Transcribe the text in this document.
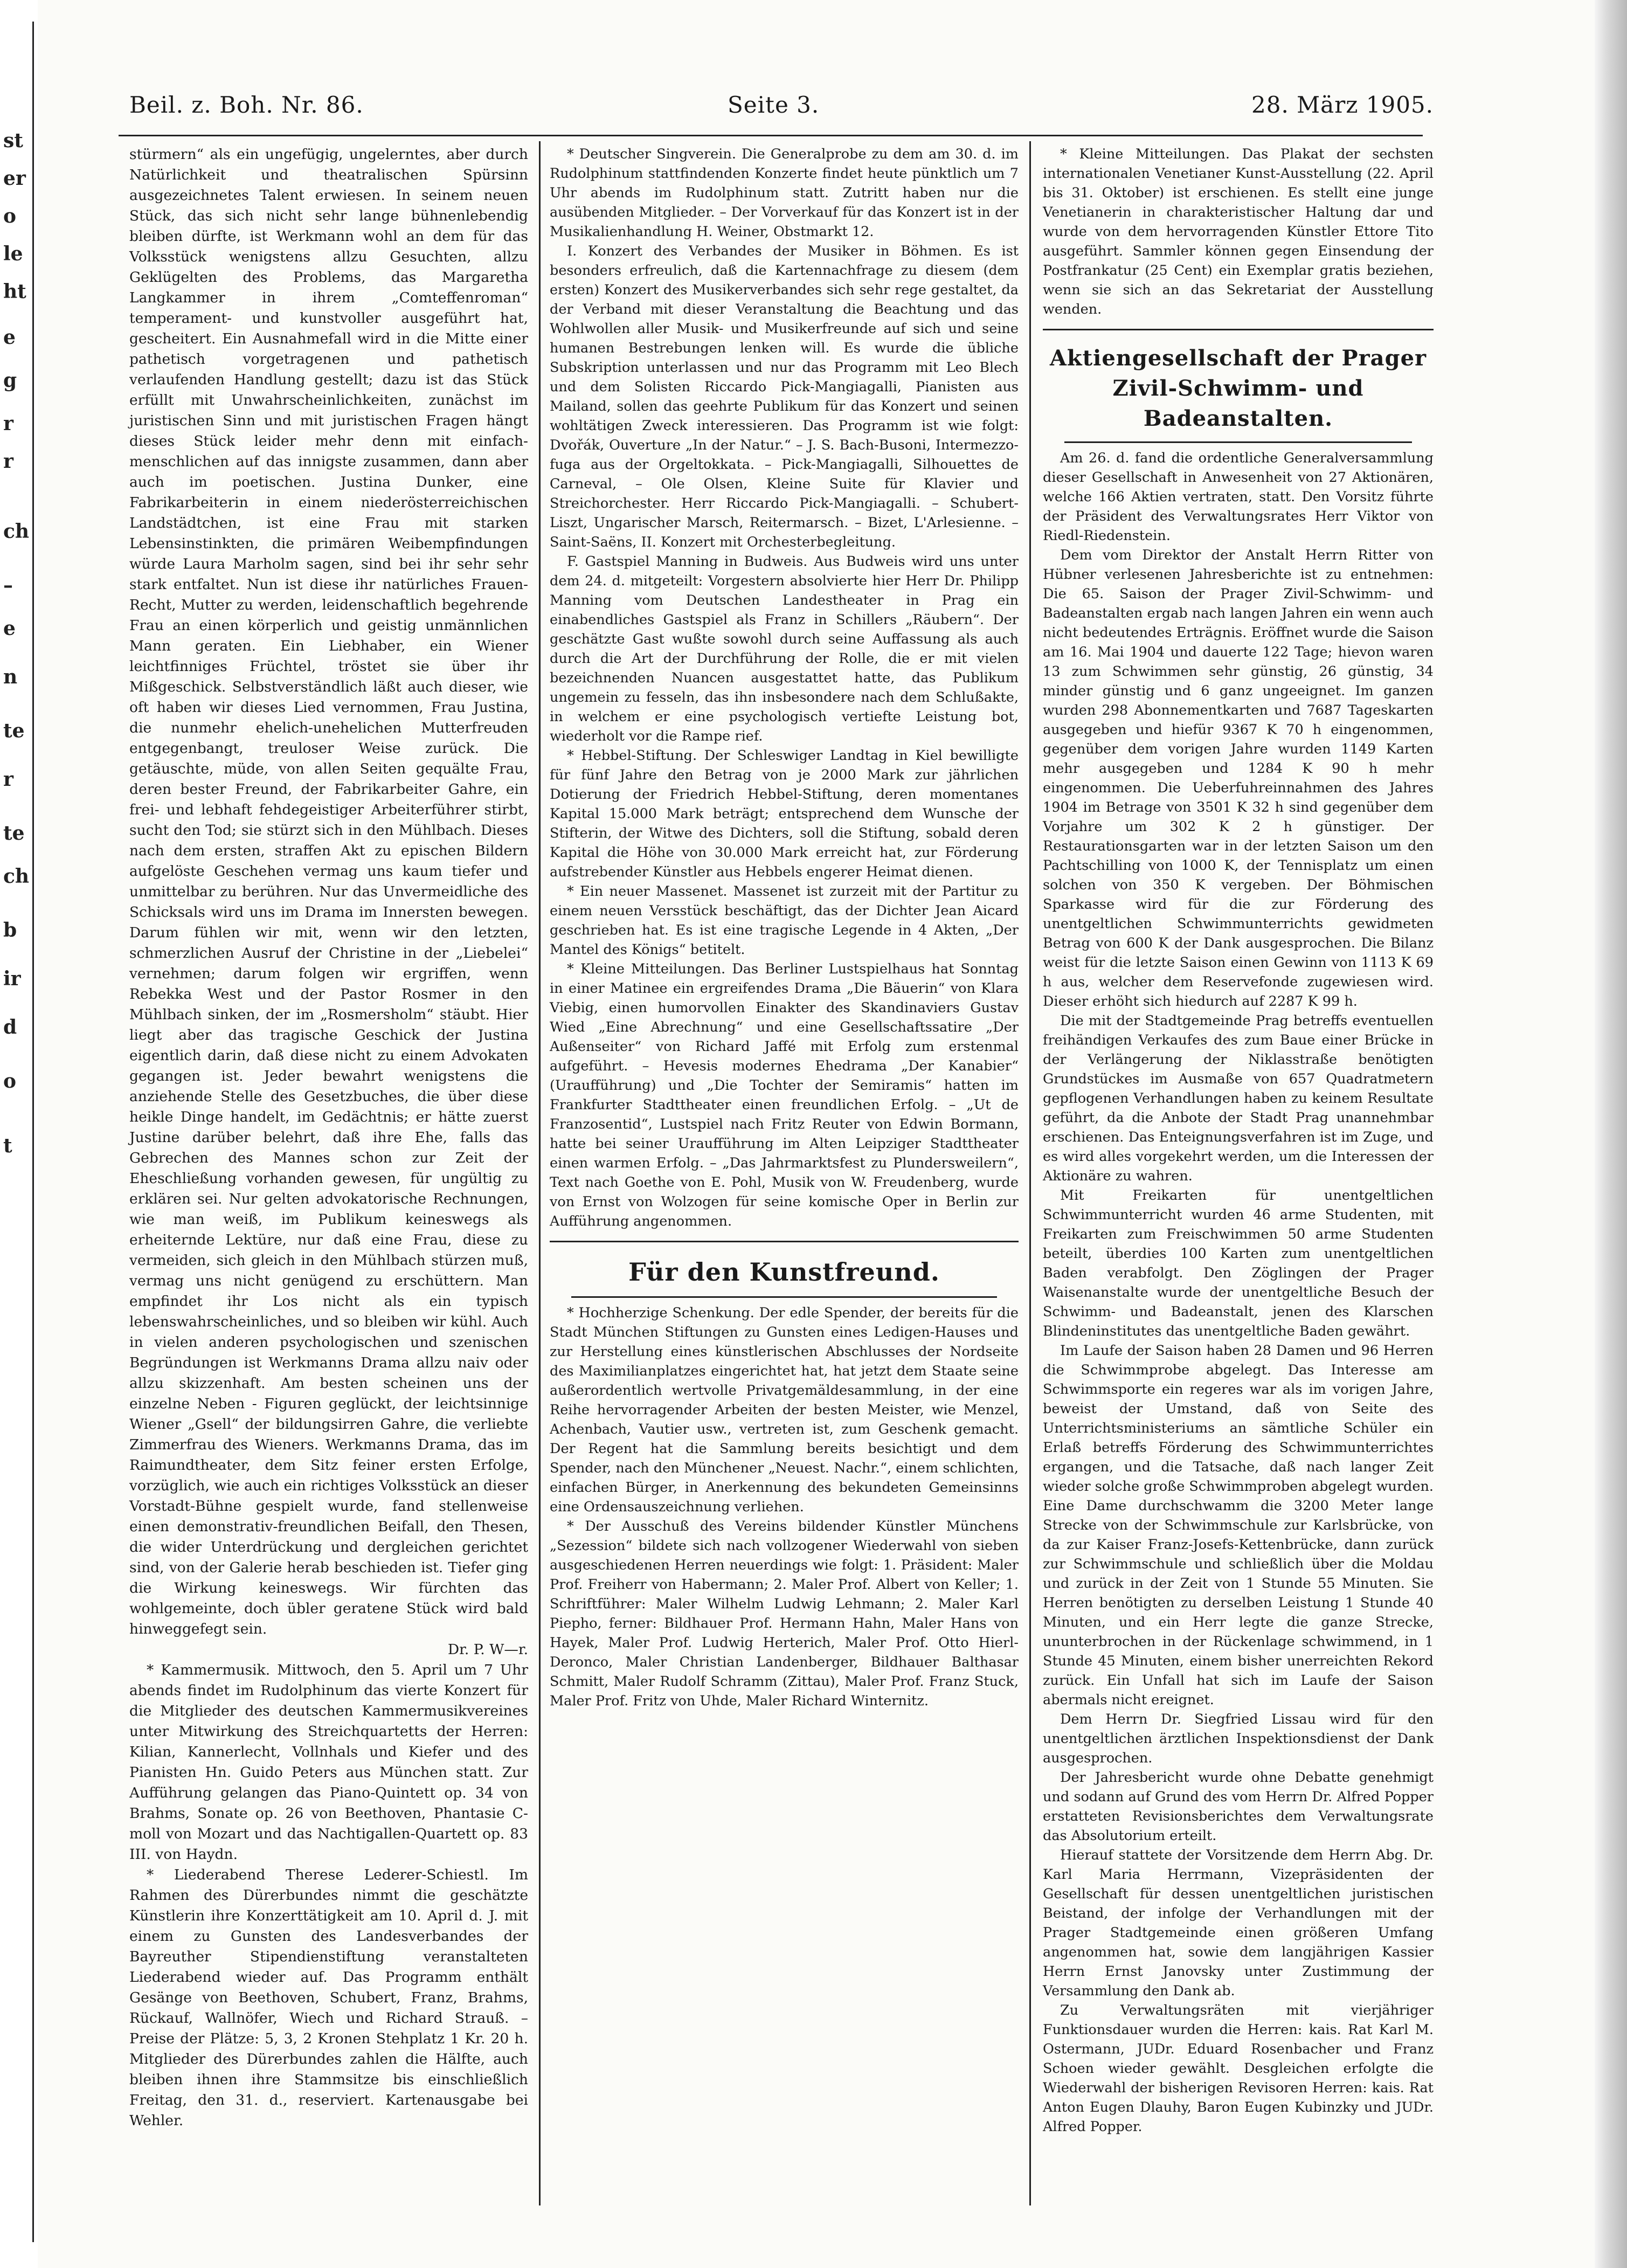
st
er
o
le
ht
e
g
r
r
ch
–
e
n
te
r
te
ch
b
ir
d
o
t
Beil. z. Boh. Nr. 86.	Seite 3.	28. März 1905.

stürmern“ als ein ungefügig, ungelerntes, aber durch Natürlichkeit und theatralischen Spürsinn ausgezeichnetes Talent erwiesen. In seinem neuen Stück, das sich nicht sehr lange bühnenlebendig bleiben dürfte, ist Werkmann wohl an dem für das Volksstück wenigstens allzu Gesuchten, allzu Geklügelten des Problems, das Margaretha Langkammer in ihrem „Comteffenroman“ temperament- und kunstvoller ausgeführt hat, gescheitert. Ein Ausnahmefall wird in die Mitte einer pathetisch vorgetragenen und pathetisch verlaufenden Handlung gestellt; dazu ist das Stück erfüllt mit Unwahrscheinlichkeiten, zunächst im juristischen Sinn und mit juristischen Fragen hängt dieses Stück leider mehr denn mit einfach-menschlichen auf das innigste zusammen, dann aber auch im poetischen. Justina Dunker, eine Fabrikarbeiterin in einem niederösterreichischen Landstädtchen, ist eine Frau mit starken Lebensinstinkten, die primären Weibempfindungen würde Laura Marholm sagen, sind bei ihr sehr sehr stark entfaltet. Nun ist diese ihr natürliches Frauen-Recht, Mutter zu werden, leidenschaftlich begehrende Frau an einen körperlich und geistig unmännlichen Mann geraten. Ein Liebhaber, ein Wiener leichtfinniges Früchtel, tröstet sie über ihr Mißgeschick. Selbstverständlich läßt auch dieser, wie oft haben wir dieses Lied vernommen, Frau Justina, die nunmehr ehelich-unehelichen Mutterfreuden entgegenbangt, treuloser Weise zurück. Die getäuschte, müde, von allen Seiten gequälte Frau, deren bester Freund, der Fabrikarbeiter Gahre, ein frei- und lebhaft fehdegeistiger Arbeiterführer stirbt, sucht den Tod; sie stürzt sich in den Mühlbach. Dieses nach dem ersten, straffen Akt zu epischen Bildern aufgelöste Geschehen vermag uns kaum tiefer und unmittelbar zu berühren. Nur das Unvermeidliche des Schicksals wird uns im Drama im Innersten bewegen. Darum fühlen wir mit, wenn wir den letzten, schmerzlichen Ausruf der Christine in der „Liebelei“ vernehmen; darum folgen wir ergriffen, wenn Rebekka West und der Pastor Rosmer in den Mühlbach sinken, der im „Rosmersholm“ stäubt. Hier liegt aber das tragische Geschick der Justina eigentlich darin, daß diese nicht zu einem Advokaten gegangen ist. Jeder bewahrt wenigstens die anziehende Stelle des Gesetzbuches, die über diese heikle Dinge handelt, im Gedächtnis; er hätte zuerst Justine darüber belehrt, daß ihre Ehe, falls das Gebrechen des Mannes schon zur Zeit der Eheschließung vorhanden gewesen, für ungültig zu erklären sei. Nur gelten advokatorische Rechnungen, wie man weiß, im Publikum keineswegs als erheiternde Lektüre, nur daß eine Frau, diese zu vermeiden, sich gleich in den Mühlbach stürzen muß, vermag uns nicht genügend zu erschüttern. Man empfindet ihr Los nicht als ein typisch lebenswahrscheinliches, und so bleiben wir kühl. Auch in vielen anderen psychologischen und szenischen Begründungen ist Werkmanns Drama allzu naiv oder allzu skizzenhaft. Am besten scheinen uns der einzelne Neben - Figuren geglückt, der leichtsinnige Wiener „Gsell“ der bildungsirren Gahre, die verliebte Zimmerfrau des Wieners. Werkmanns Drama, das im Raimundtheater, dem Sitz feiner ersten Erfolge, vorzüglich, wie auch ein richtiges Volksstück an dieser Vorstadt-Bühne gespielt wurde, fand stellenweise einen demonstrativ-freundlichen Beifall, den Thesen, die wider Unterdrückung und dergleichen gerichtet sind, von der Galerie herab beschieden ist. Tiefer ging die Wirkung keineswegs. Wir fürchten das wohlgemeinte, doch übler geratene Stück wird bald hinweggefegt sein.

Dr. P. W—r.

* Kammermusik. Mittwoch, den 5. April um 7 Uhr abends findet im Rudolphinum das vierte Konzert für die Mitglieder des deutschen Kammermusikvereines unter Mitwirkung des Streichquartetts der Herren: Kilian, Kannerlecht, Vollnhals und Kiefer und des Pianisten Hn. Guido Peters aus München statt. Zur Aufführung gelangen das Piano-Quintett op. 34 von Brahms, Sonate op. 26 von Beethoven, Phantasie C-moll von Mozart und das Nachtigallen-Quartett op. 83 III. von Haydn.

* Liederabend Therese Lederer-Schiestl. Im Rahmen des Dürerbundes nimmt die geschätzte Künstlerin ihre Konzerttätigkeit am 10. April d. J. mit einem zu Gunsten des Landesverbandes der Bayreuther Stipendienstiftung veranstalteten Liederabend wieder auf. Das Programm enthält Gesänge von Beethoven, Schubert, Franz, Brahms, Rückauf, Wallnöfer, Wiech und Richard Strauß. – Preise der Plätze: 5, 3, 2 Kronen Stehplatz 1 Kr. 20 h. Mitglieder des Dürerbundes zahlen die Hälfte, auch bleiben ihnen ihre Stammsitze bis einschließlich Freitag, den 31. d., reserviert. Kartenausgabe bei Wehler.

* Deutscher Singverein. Die Generalprobe zu dem am 30. d. im Rudolphinum stattfindenden Konzerte findet heute pünktlich um 7 Uhr abends im Rudolphinum statt. Zutritt haben nur die ausübenden Mitglieder. – Der Vorverkauf für das Konzert ist in der Musikalienhandlung H. Weiner, Obstmarkt 12.

I. Konzert des Verbandes der Musiker in Böhmen. Es ist besonders erfreulich, daß die Kartennachfrage zu diesem (dem ersten) Konzert des Musikerverbandes sich sehr rege gestaltet, da der Verband mit dieser Veranstaltung die Beachtung und das Wohlwollen aller Musik- und Musikerfreunde auf sich und seine humanen Bestrebungen lenken will. Es wurde die übliche Subskription unterlassen und nur das Programm mit Leo Blech und dem Solisten Riccardo Pick-Mangiagalli, Pianisten aus Mailand, sollen das geehrte Publikum für das Konzert und seinen wohltätigen Zweck interessieren. Das Programm ist wie folgt: Dvořák, Ouverture „In der Natur.“ – J. S. Bach-Busoni, Intermezzo-fuga aus der Orgeltokkata. – Pick-Mangiagalli, Silhouettes de Carneval, – Ole Olsen, Kleine Suite für Klavier und Streichorchester. Herr Riccardo Pick-Mangiagalli. – Schubert-Liszt, Ungarischer Marsch, Reitermarsch. – Bizet, L'Arlesienne. – Saint-Saëns, II. Konzert mit Orchesterbegleitung.

F. Gastspiel Manning in Budweis. Aus Budweis wird uns unter dem 24. d. mitgeteilt: Vorgestern absolvierte hier Herr Dr. Philipp Manning vom Deutschen Landestheater in Prag ein einabendliches Gastspiel als Franz in Schillers „Räubern“. Der geschätzte Gast wußte sowohl durch seine Auffassung als auch durch die Art der Durchführung der Rolle, die er mit vielen bezeichnenden Nuancen ausgestattet hatte, das Publikum ungemein zu fesseln, das ihn insbesondere nach dem Schlußakte, in welchem er eine psychologisch vertiefte Leistung bot, wiederholt vor die Rampe rief.

* Hebbel-Stiftung. Der Schleswiger Landtag in Kiel bewilligte für fünf Jahre den Betrag von je 2000 Mark zur jährlichen Dotierung der Friedrich Hebbel-Stiftung, deren momentanes Kapital 15.000 Mark beträgt; entsprechend dem Wunsche der Stifterin, der Witwe des Dichters, soll die Stiftung, sobald deren Kapital die Höhe von 30.000 Mark erreicht hat, zur Förderung aufstrebender Künstler aus Hebbels engerer Heimat dienen.

* Ein neuer Massenet. Massenet ist zurzeit mit der Partitur zu einem neuen Versstück beschäftigt, das der Dichter Jean Aicard geschrieben hat. Es ist eine tragische Legende in 4 Akten, „Der Mantel des Königs“ betitelt.

* Kleine Mitteilungen. Das Berliner Lustspielhaus hat Sonntag in einer Matinee ein ergreifendes Drama „Die Bäuerin“ von Klara Viebig, einen humorvollen Einakter des Skandinaviers Gustav Wied „Eine Abrechnung“ und eine Gesellschaftssatire „Der Außenseiter“ von Richard Jaffé mit Erfolg zum erstenmal aufgeführt. – Hevesis modernes Ehedrama „Der Kanabier“ (Uraufführung) und „Die Tochter der Semiramis“ hatten im Frankfurter Stadttheater einen freundlichen Erfolg. – „Ut de Franzosentid“, Lustspiel nach Fritz Reuter von Edwin Bormann, hatte bei seiner Uraufführung im Alten Leipziger Stadttheater einen warmen Erfolg. – „Das Jahrmarktsfest zu Plundersweilern“, Text nach Goethe von E. Pohl, Musik von W. Freudenberg, wurde von Ernst von Wolzogen für seine komische Oper in Berlin zur Aufführung angenommen.

Für den Kunstfreund.

* Hochherzige Schenkung. Der edle Spender, der bereits für die Stadt München Stiftungen zu Gunsten eines Ledigen-Hauses und zur Herstellung eines künstlerischen Abschlusses der Nordseite des Maximilianplatzes eingerichtet hat, hat jetzt dem Staate seine außerordentlich wertvolle Privatgemäldesammlung, in der eine Reihe hervorragender Arbeiten der besten Meister, wie Menzel, Achenbach, Vautier usw., vertreten ist, zum Geschenk gemacht. Der Regent hat die Sammlung bereits besichtigt und dem Spender, nach den Münchener „Neuest. Nachr.“, einem schlichten, einfachen Bürger, in Anerkennung des bekundeten Gemeinsinns eine Ordensauszeichnung verliehen.

* Der Ausschuß des Vereins bildender Künstler Münchens „Sezession“ bildete sich nach vollzogener Wiederwahl von sieben ausgeschiedenen Herren neuerdings wie folgt: 1. Präsident: Maler Prof. Freiherr von Habermann; 2. Maler Prof. Albert von Keller; 1. Schriftführer: Maler Wilhelm Ludwig Lehmann; 2. Maler Karl Piepho, ferner: Bildhauer Prof. Hermann Hahn, Maler Hans von Hayek, Maler Prof. Ludwig Herterich, Maler Prof. Otto Hierl-Deronco, Maler Christian Landenberger, Bildhauer Balthasar Schmitt, Maler Rudolf Schramm (Zittau), Maler Prof. Franz Stuck, Maler Prof. Fritz von Uhde, Maler Richard Winternitz.

* Kleine Mitteilungen. Das Plakat der sechsten internationalen Venetianer Kunst-Ausstellung (22. April bis 31. Oktober) ist erschienen. Es stellt eine junge Venetianerin in charakteristischer Haltung dar und wurde von dem hervorragenden Künstler Ettore Tito ausgeführt. Sammler können gegen Einsendung der Postfrankatur (25 Cent) ein Exemplar gratis beziehen, wenn sie sich an das Sekretariat der Ausstellung wenden.

Aktiengesellschaft der Prager Zivil-Schwimm- und Badeanstalten.

Am 26. d. fand die ordentliche Generalversammlung dieser Gesellschaft in Anwesenheit von 27 Aktionären, welche 166 Aktien vertraten, statt. Den Vorsitz führte der Präsident des Verwaltungsrates Herr Viktor von Riedl-Riedenstein.

Dem vom Direktor der Anstalt Herrn Ritter von Hübner verlesenen Jahresberichte ist zu entnehmen: Die 65. Saison der Prager Zivil-Schwimm- und Badeanstalten ergab nach langen Jahren ein wenn auch nicht bedeutendes Erträgnis. Eröffnet wurde die Saison am 16. Mai 1904 und dauerte 122 Tage; hievon waren 13 zum Schwimmen sehr günstig, 26 günstig, 34 minder günstig und 6 ganz ungeeignet. Im ganzen wurden 298 Abonnementkarten und 7687 Tageskarten ausgegeben und hiefür 9367 K 70 h eingenommen, gegenüber dem vorigen Jahre wurden 1149 Karten mehr ausgegeben und 1284 K 90 h mehr eingenommen. Die Ueberfuhreinnahmen des Jahres 1904 im Betrage von 3501 K 32 h sind gegenüber dem Vorjahre um 302 K 2 h günstiger. Der Restaurationsgarten war in der letzten Saison um den Pachtschilling von 1000 K, der Tennisplatz um einen solchen von 350 K vergeben. Der Böhmischen Sparkasse wird für die zur Förderung des unentgeltlichen Schwimmunterrichts gewidmeten Betrag von 600 K der Dank ausgesprochen. Die Bilanz weist für die letzte Saison einen Gewinn von 1113 K 69 h aus, welcher dem Reservefonde zugewiesen wird. Dieser erhöht sich hiedurch auf 2287 K 99 h.

Die mit der Stadtgemeinde Prag betreffs eventuellen freihändigen Verkaufes des zum Baue einer Brücke in der Verlängerung der Niklasstraße benötigten Grundstückes im Ausmaße von 657 Quadratmetern gepflogenen Verhandlungen haben zu keinem Resultate geführt, da die Anbote der Stadt Prag unannehmbar erschienen. Das Enteignungsverfahren ist im Zuge, und es wird alles vorgekehrt werden, um die Interessen der Aktionäre zu wahren.

Mit Freikarten für unentgeltlichen Schwimmunterricht wurden 46 arme Studenten, mit Freikarten zum Freischwimmen 50 arme Studenten beteilt, überdies 100 Karten zum unentgeltlichen Baden verabfolgt. Den Zöglingen der Prager Waisenanstalte wurde der unentgeltliche Besuch der Schwimm- und Badeanstalt, jenen des Klarschen Blindeninstitutes das unentgeltliche Baden gewährt.

Im Laufe der Saison haben 28 Damen und 96 Herren die Schwimmprobe abgelegt. Das Interesse am Schwimmsporte ein regeres war als im vorigen Jahre, beweist der Umstand, daß von Seite des Unterrichtsministeriums an sämtliche Schüler ein Erlaß betreffs Förderung des Schwimmunterrichtes ergangen, und die Tatsache, daß nach langer Zeit wieder solche große Schwimmproben abgelegt wurden. Eine Dame durchschwamm die 3200 Meter lange Strecke von der Schwimmschule zur Karlsbrücke, von da zur Kaiser Franz-Josefs-Kettenbrücke, dann zurück zur Schwimmschule und schließlich über die Moldau und zurück in der Zeit von 1 Stunde 55 Minuten. Sie Herren benötigten zu derselben Leistung 1 Stunde 40 Minuten, und ein Herr legte die ganze Strecke, ununterbrochen in der Rückenlage schwimmend, in 1 Stunde 45 Minuten, einem bisher unerreichten Rekord zurück. Ein Unfall hat sich im Laufe der Saison abermals nicht ereignet.

Dem Herrn Dr. Siegfried Lissau wird für den unentgeltlichen ärztlichen Inspektionsdienst der Dank ausgesprochen.

Der Jahresbericht wurde ohne Debatte genehmigt und sodann auf Grund des vom Herrn Dr. Alfred Popper erstatteten Revisionsberichtes dem Verwaltungsrate das Absolutorium erteilt.

Hierauf stattete der Vorsitzende dem Herrn Abg. Dr. Karl Maria Herrmann, Vizepräsidenten der Gesellschaft für dessen unentgeltlichen juristischen Beistand, der infolge der Verhandlungen mit der Prager Stadtgemeinde einen größeren Umfang angenommen hat, sowie dem langjährigen Kassier Herrn Ernst Janovsky unter Zustimmung der Versammlung den Dank ab.

Zu Verwaltungsräten mit vierjähriger Funktionsdauer wurden die Herren: kais. Rat Karl M. Ostermann, JUDr. Eduard Rosenbacher und Franz Schoen wieder gewählt. Desgleichen erfolgte die Wiederwahl der bisherigen Revisoren Herren: kais. Rat Anton Eugen Dlauhy, Baron Eugen Kubinzky und JUDr. Alfred Popper.
